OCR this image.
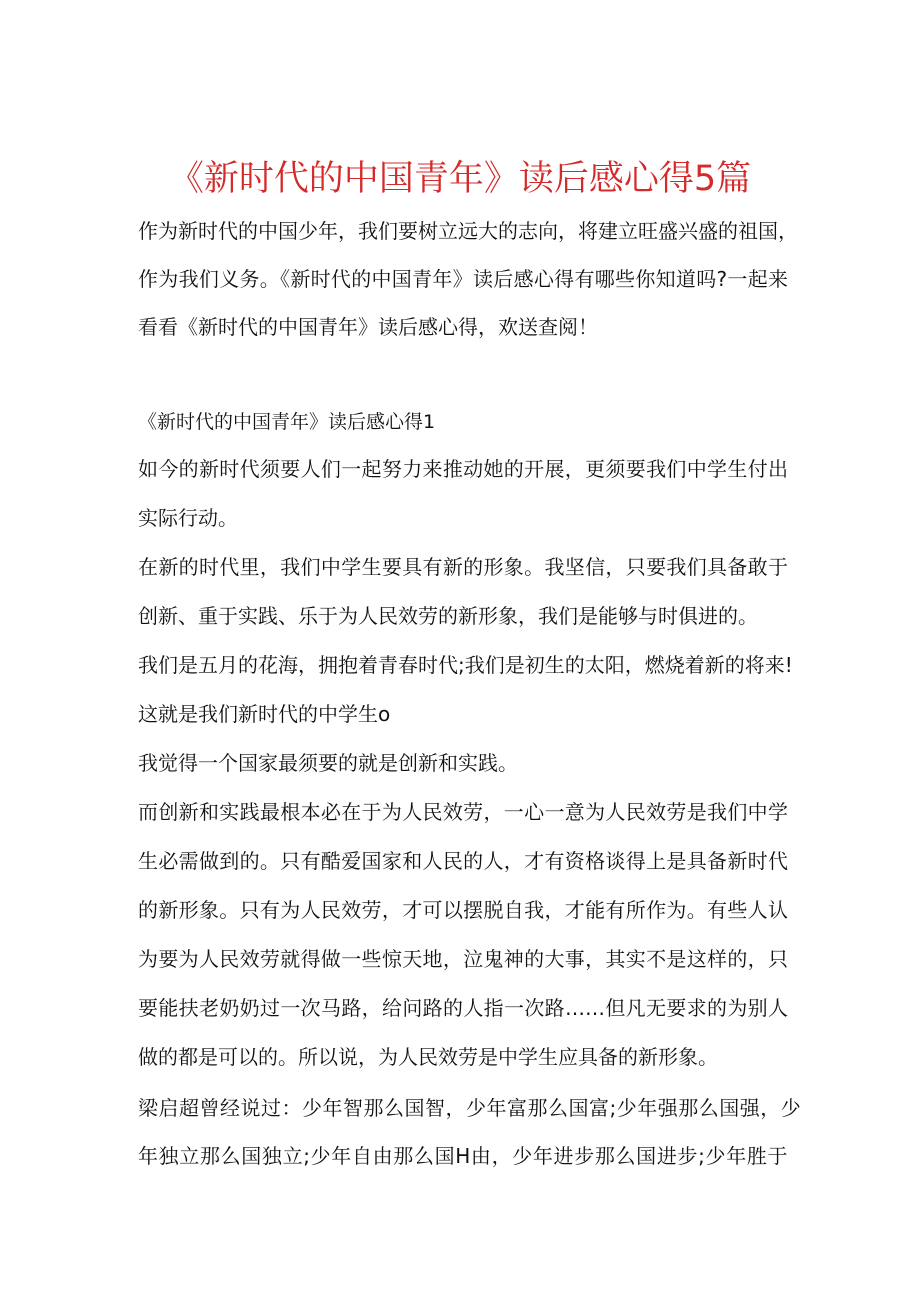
《新时代的中国青年》读后感心得5篇
作为新时代的中国少年，我们要树立远大的志向，将建立旺盛兴盛的祖国，
作为我们义务。《新时代的中国青年》读后感心得有哪些你知道吗?一起来
看看《新时代的中国青年》读后感心得，欢送查阅！
《新时代的中国青年》读后感心得1
如今的新时代须要人们一起努力来推动她的开展，更须要我们中学生付出
实际行动。
在新的时代里，我们中学生要具有新的形象。我坚信，只要我们具备敢于
创新、重于实践、乐于为人民效劳的新形象，我们是能够与时俱进的。
我们是五月的花海，拥抱着青春时代;我们是初生的太阳，燃烧着新的将来!
这就是我们新时代的中学生o
我觉得一个国家最须要的就是创新和实践。
而创新和实践最根本必在于为人民效劳，一心一意为人民效劳是我们中学
生必需做到的。只有酷爱国家和人民的人，才有资格谈得上是具备新时代
的新形象。只有为人民效劳，才可以摆脱自我，才能有所作为。有些人认
为要为人民效劳就得做一些惊天地，泣鬼神的大事，其实不是这样的，只
要能扶老奶奶过一次马路，给问路的人指一次路……但凡无要求的为别人
做的都是可以的。所以说，为人民效劳是中学生应具备的新形象。
梁启超曾经说过：少年智那么国智，少年富那么国富;少年强那么国强，少
年独立那么国独立;少年自由那么国H由，少年进步那么国进步;少年胜于
